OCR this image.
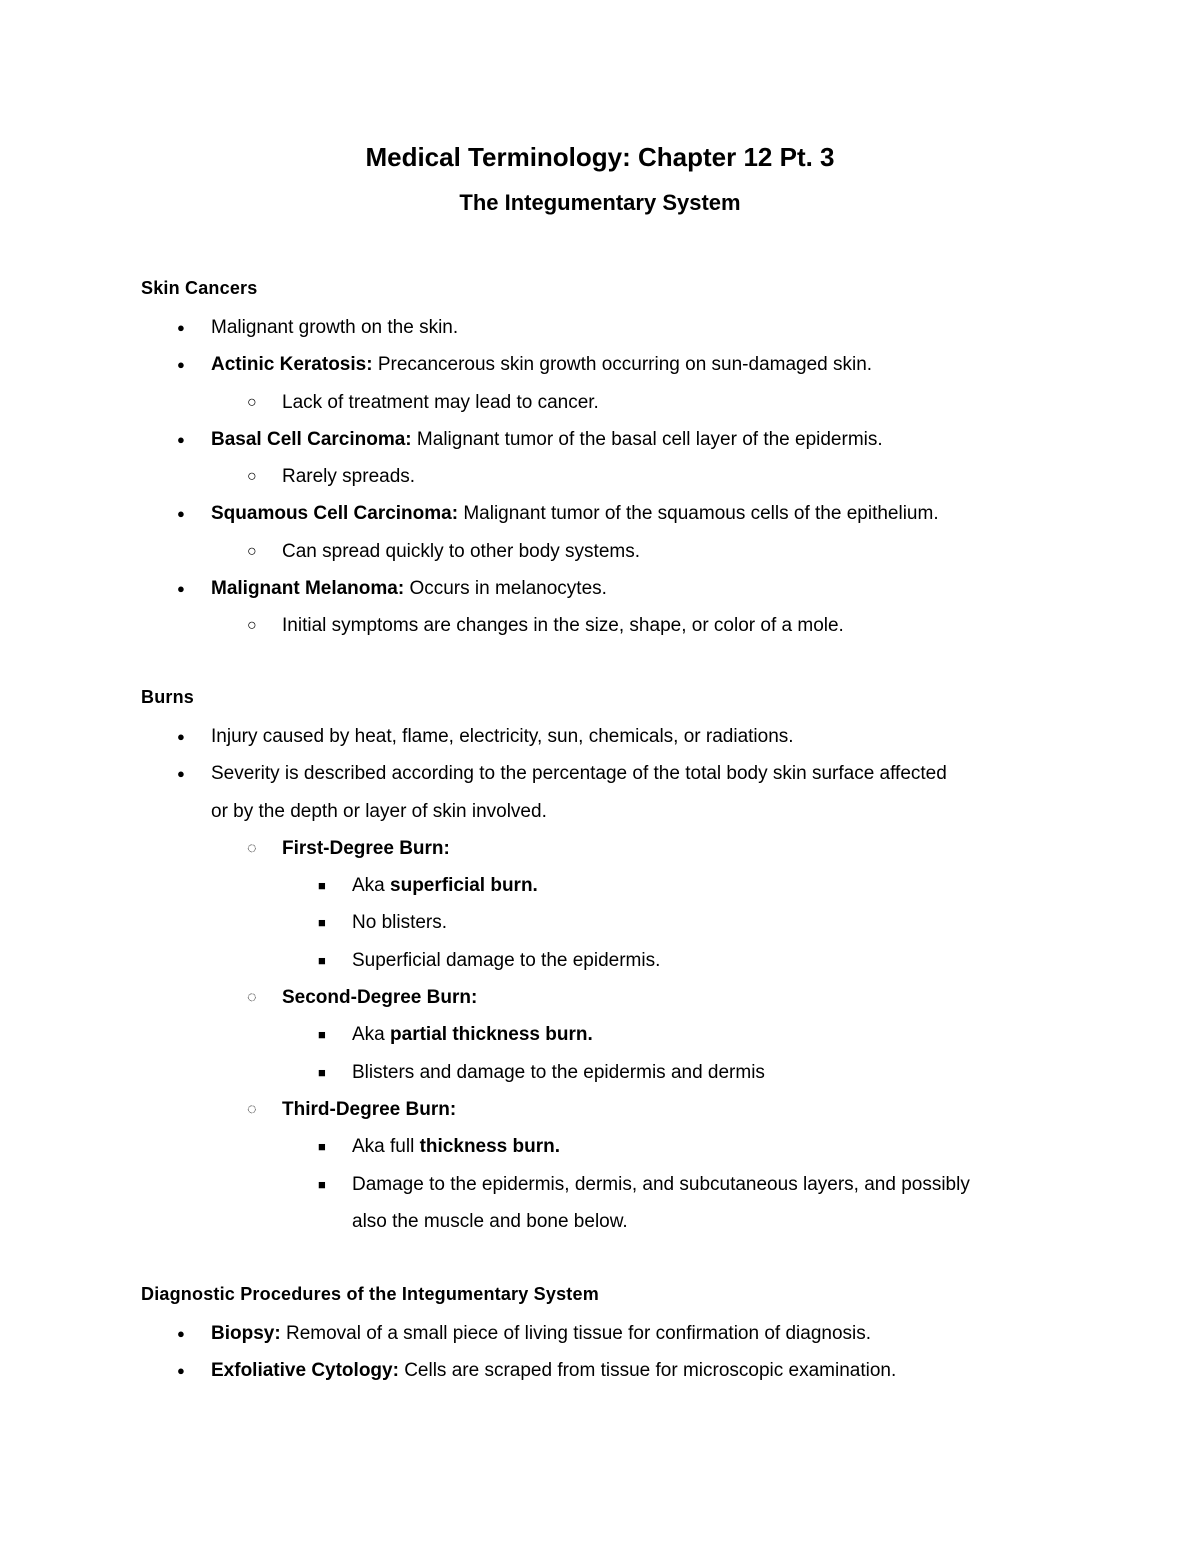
Medical Terminology: Chapter 12 Pt. 3
The Integumentary System
Skin Cancers
● Malignant growth on the skin.
● Actinic Keratosis: Precancerous skin growth occurring on sun-damaged skin.
○ Lack of treatment may lead to cancer.
● Basal Cell Carcinoma: Malignant tumor of the basal cell layer of the epidermis.
○ Rarely spreads.
● Squamous Cell Carcinoma: Malignant tumor of the squamous cells of the epithelium.
○ Can spread quickly to other body systems.
● Malignant Melanoma: Occurs in melanocytes.
○ Initial symptoms are changes in the size, shape, or color of a mole.
Burns
● Injury caused by heat, flame, electricity, sun, chemicals, or radiations.
● Severity is described according to the percentage of the total body skin surface affected
or by the depth or layer of skin involved.
◌ First-Degree Burn:
■ Aka superficial burn.
■ No blisters.
■ Superficial damage to the epidermis.
◌ Second-Degree Burn:
■ Aka partial thickness burn.
■ Blisters and damage to the epidermis and dermis
◌ Third-Degree Burn:
■ Aka full thickness burn.
■ Damage to the epidermis, dermis, and subcutaneous layers, and possibly
also the muscle and bone below.
Diagnostic Procedures of the Integumentary System
● Biopsy: Removal of a small piece of living tissue for confirmation of diagnosis.
● Exfoliative Cytology: Cells are scraped from tissue for microscopic examination.
